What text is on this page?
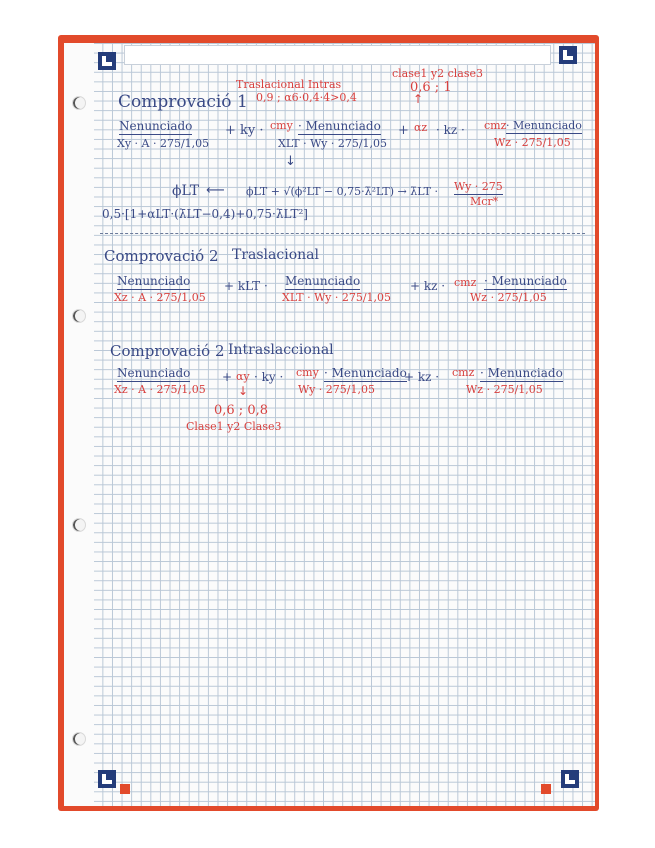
Traslacional Intras
0,9 ; α6·0,4·4>0,4
clase1 y2 clase3
0,6 ; 1
Comprovació 1
Nenunciado
Xy · A · 275/1,05
+ ky · cmy · Menunciado
XLT · Wy · 275/1,05
+ αz · kz · cmz · Menunciado
Wz · 275/1,05
↓
↑
ϕLT ⟵ ϕLT + √(ϕ²LT − 0,75·λ̄²LT) → λ̄LT · Wy · 275
Mcr*
0,5·[1+αLT·(λ̄LT−0,4)+0,75·λ̄LT²]
Comprovació 2 Traslacional
Nenunciado
Xz · A · 275/1,05
+ kLT · Menunciado
XLT · Wy · 275/1,05
+ kz · cmz · Menunciado
Wz · 275/1,05
Comprovació 2 Intraslaccional
Nenunciado
Xz · A · 275/1,05
+ αy · ky · cmy · Menunciado
Wy · 275/1,05
+ kz · cmz · Menunciado
Wz · 275/1,05
↓
0,6 ; 0,8
Clase1 y2 Clase3
